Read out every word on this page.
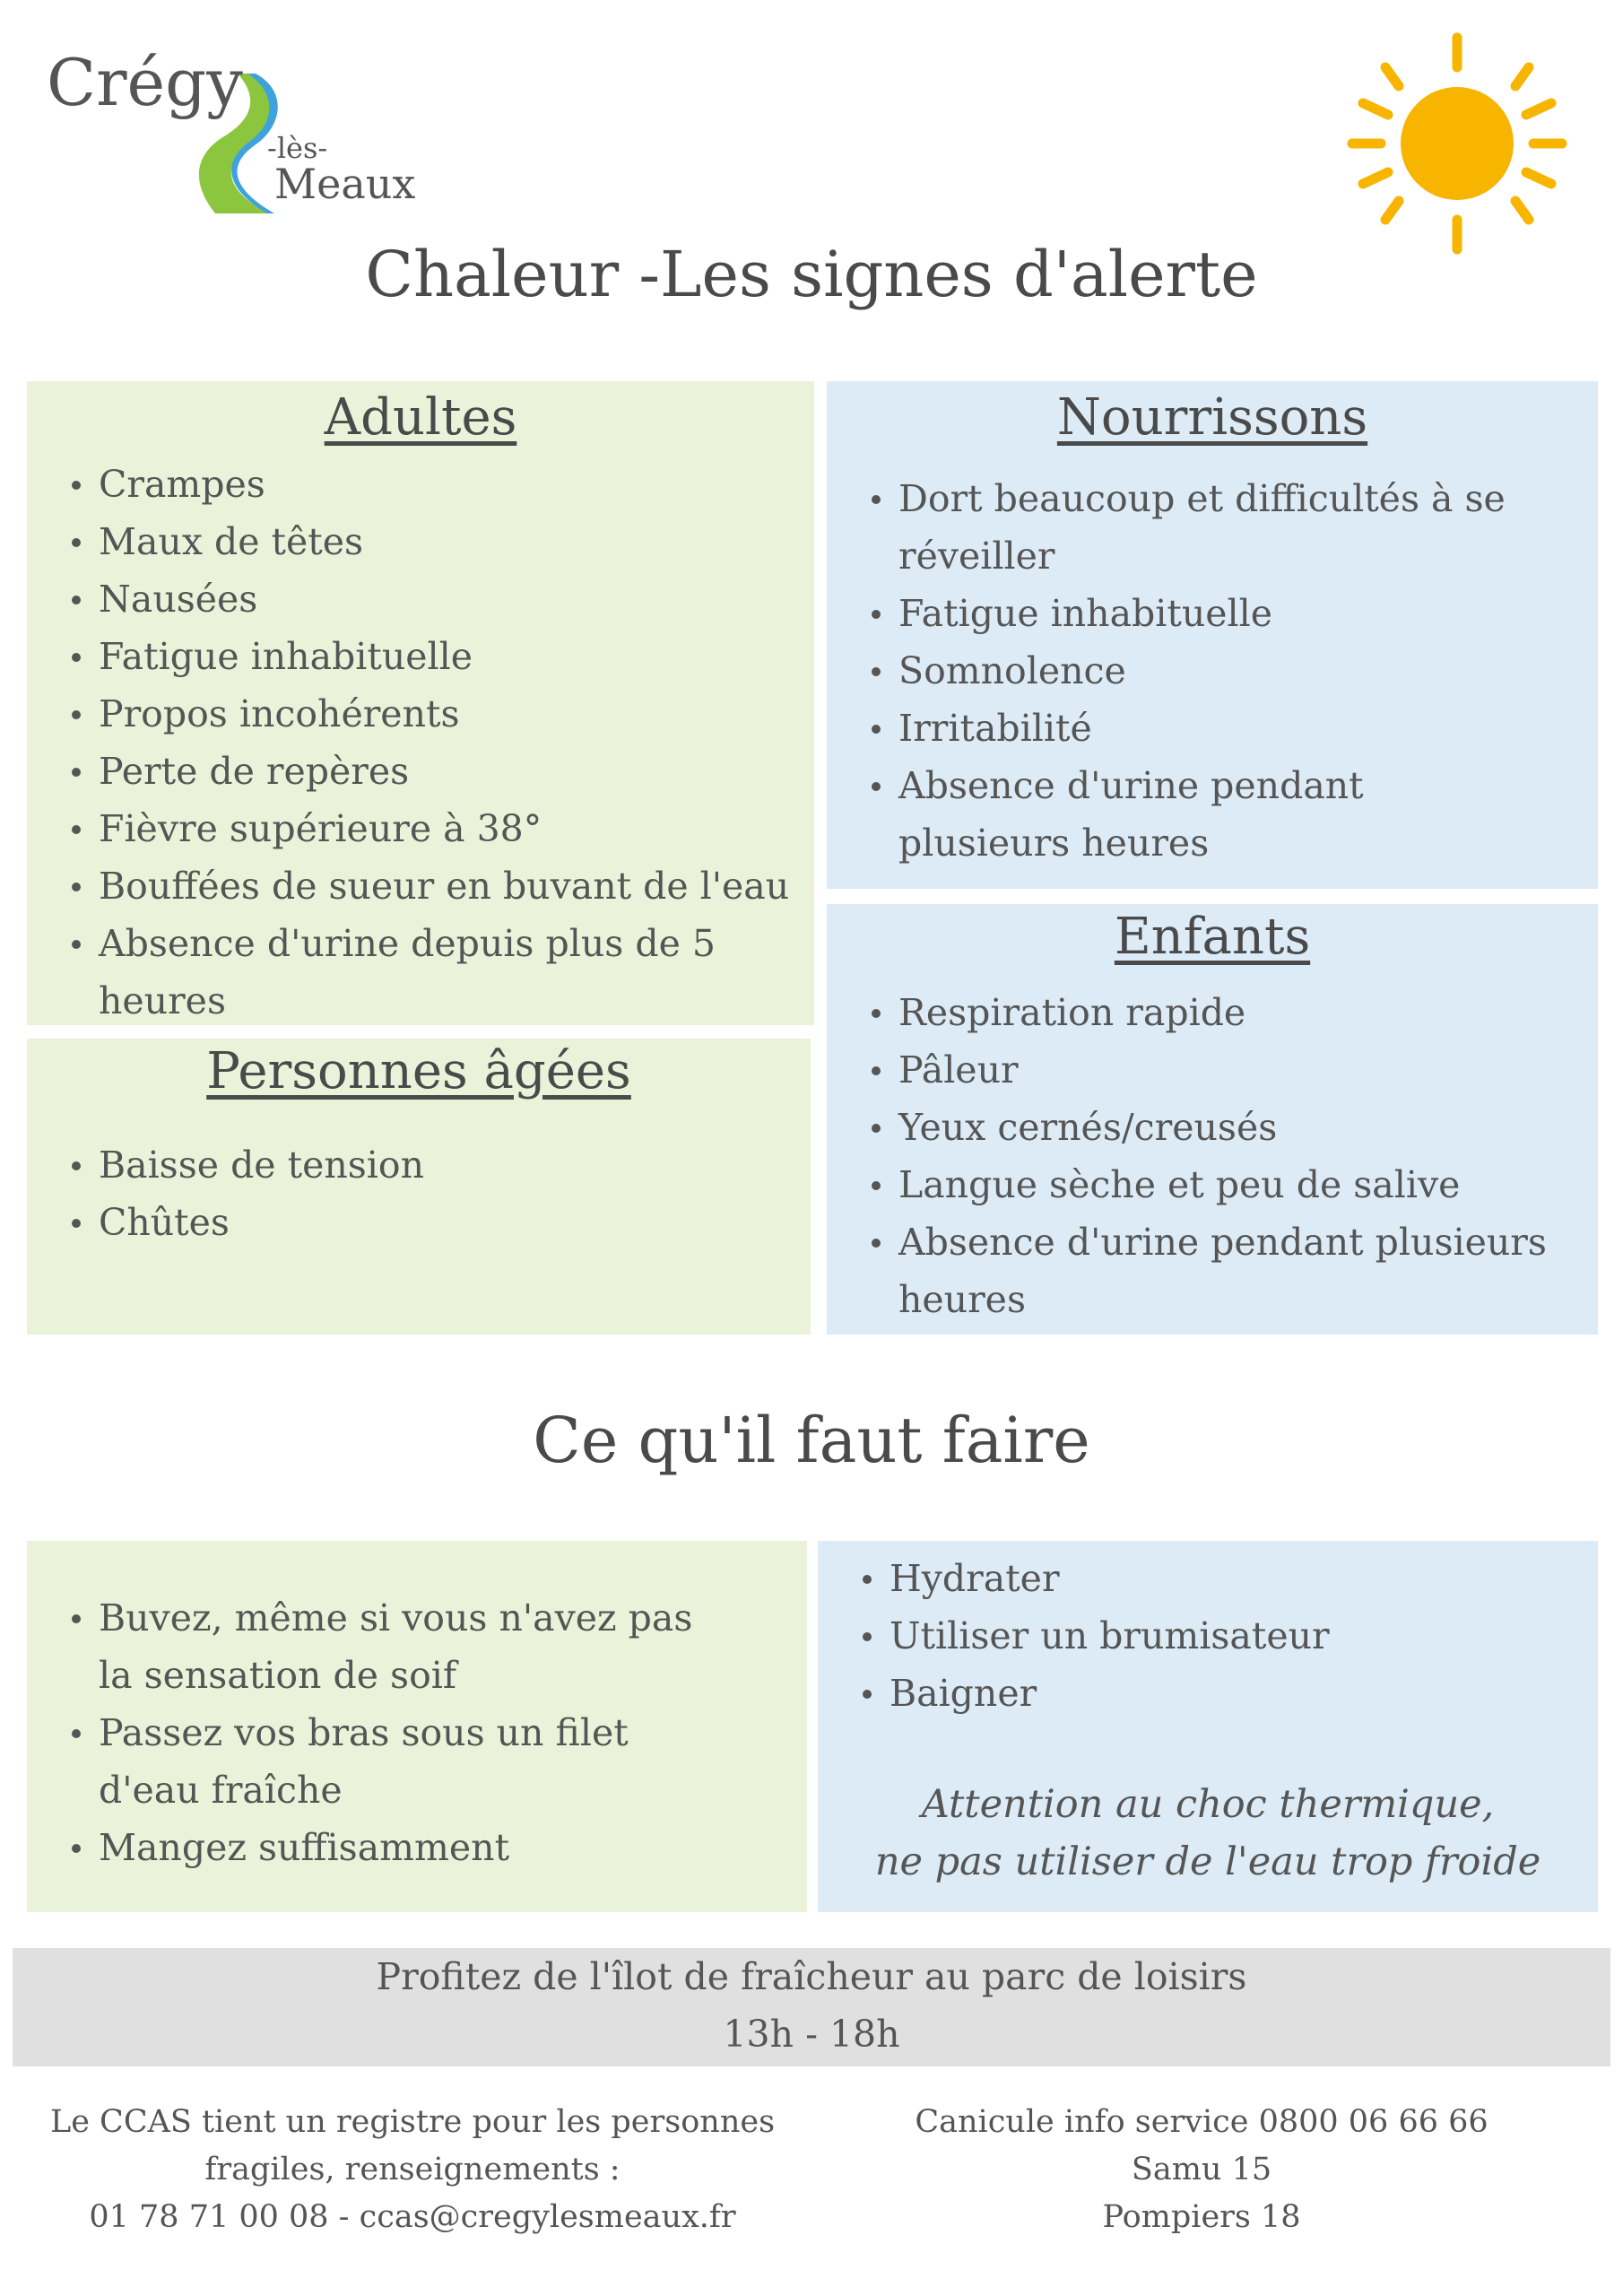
Crégy
-lès-
Meaux
Chaleur -Les signes d'alerte
Adultes
Crampes
Maux de têtes
Nausées
Fatigue inhabituelle
Propos incohérents
Perte de repères
Fièvre supérieure à 38°
Bouffées de sueur en buvant de l'eau
Absence d'urine depuis plus de 5 heures
Nourrissons
Dort beaucoup et difficultés à se réveiller
Fatigue inhabituelle
Somnolence
Irritabilité
Absence d'urine pendant plusieurs heures
Personnes âgées
Baisse de tension
Chûtes
Enfants
Respiration rapide
Pâleur
Yeux cernés/creusés
Langue sèche et peu de salive
Absence d'urine pendant plusieurs heures
Ce qu'il faut faire
Buvez, même si vous n'avez pas la sensation de soif
Passez vos bras sous un filet d'eau fraîche
Mangez suffisamment
Hydrater
Utiliser un brumisateur
Baigner
Attention au choc thermique,
ne pas utiliser de l'eau trop froide
Profitez de l'îlot de fraîcheur au parc de loisirs
13h - 18h
Le CCAS tient un registre pour les personnes
fragiles, renseignements :
01 78 71 00 08 - ccas@cregylesmeaux.fr
Canicule info service 0800 06 66 66
Samu 15
Pompiers 18
